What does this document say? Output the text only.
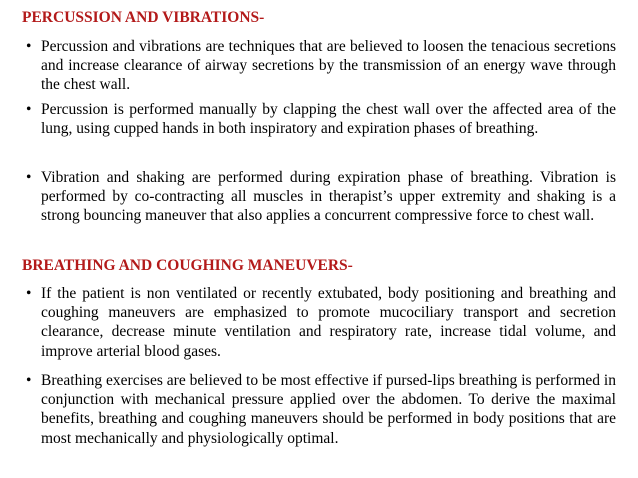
PERCUSSION AND VIBRATIONS-
• Percussion and vibrations are techniques that are believed to loosen the tenacious secretions and increase clearance of airway secretions by the transmission of an energy wave through the chest wall.
• Percussion is performed manually by clapping the chest wall over the affected area of the lung, using cupped hands in both inspiratory and expiration phases of breathing.
• Vibration and shaking are performed during expiration phase of breathing. Vibration is performed by co-contracting all muscles in therapist’s upper extremity and shaking is a strong bouncing maneuver that also applies a concurrent compressive force to chest wall.
BREATHING AND COUGHING MANEUVERS-
• If the patient is non ventilated or recently extubated, body positioning and breathing and coughing maneuvers are emphasized to promote mucociliary transport and secretion clearance, decrease minute ventilation and respiratory rate, increase tidal volume, and improve arterial blood gases.
• Breathing exercises are believed to be most effective if pursed-lips breathing is performed in conjunction with mechanical pressure applied over the abdomen. To derive the maximal benefits, breathing and coughing maneuvers should be performed in body positions that are most mechanically and physiologically optimal.
